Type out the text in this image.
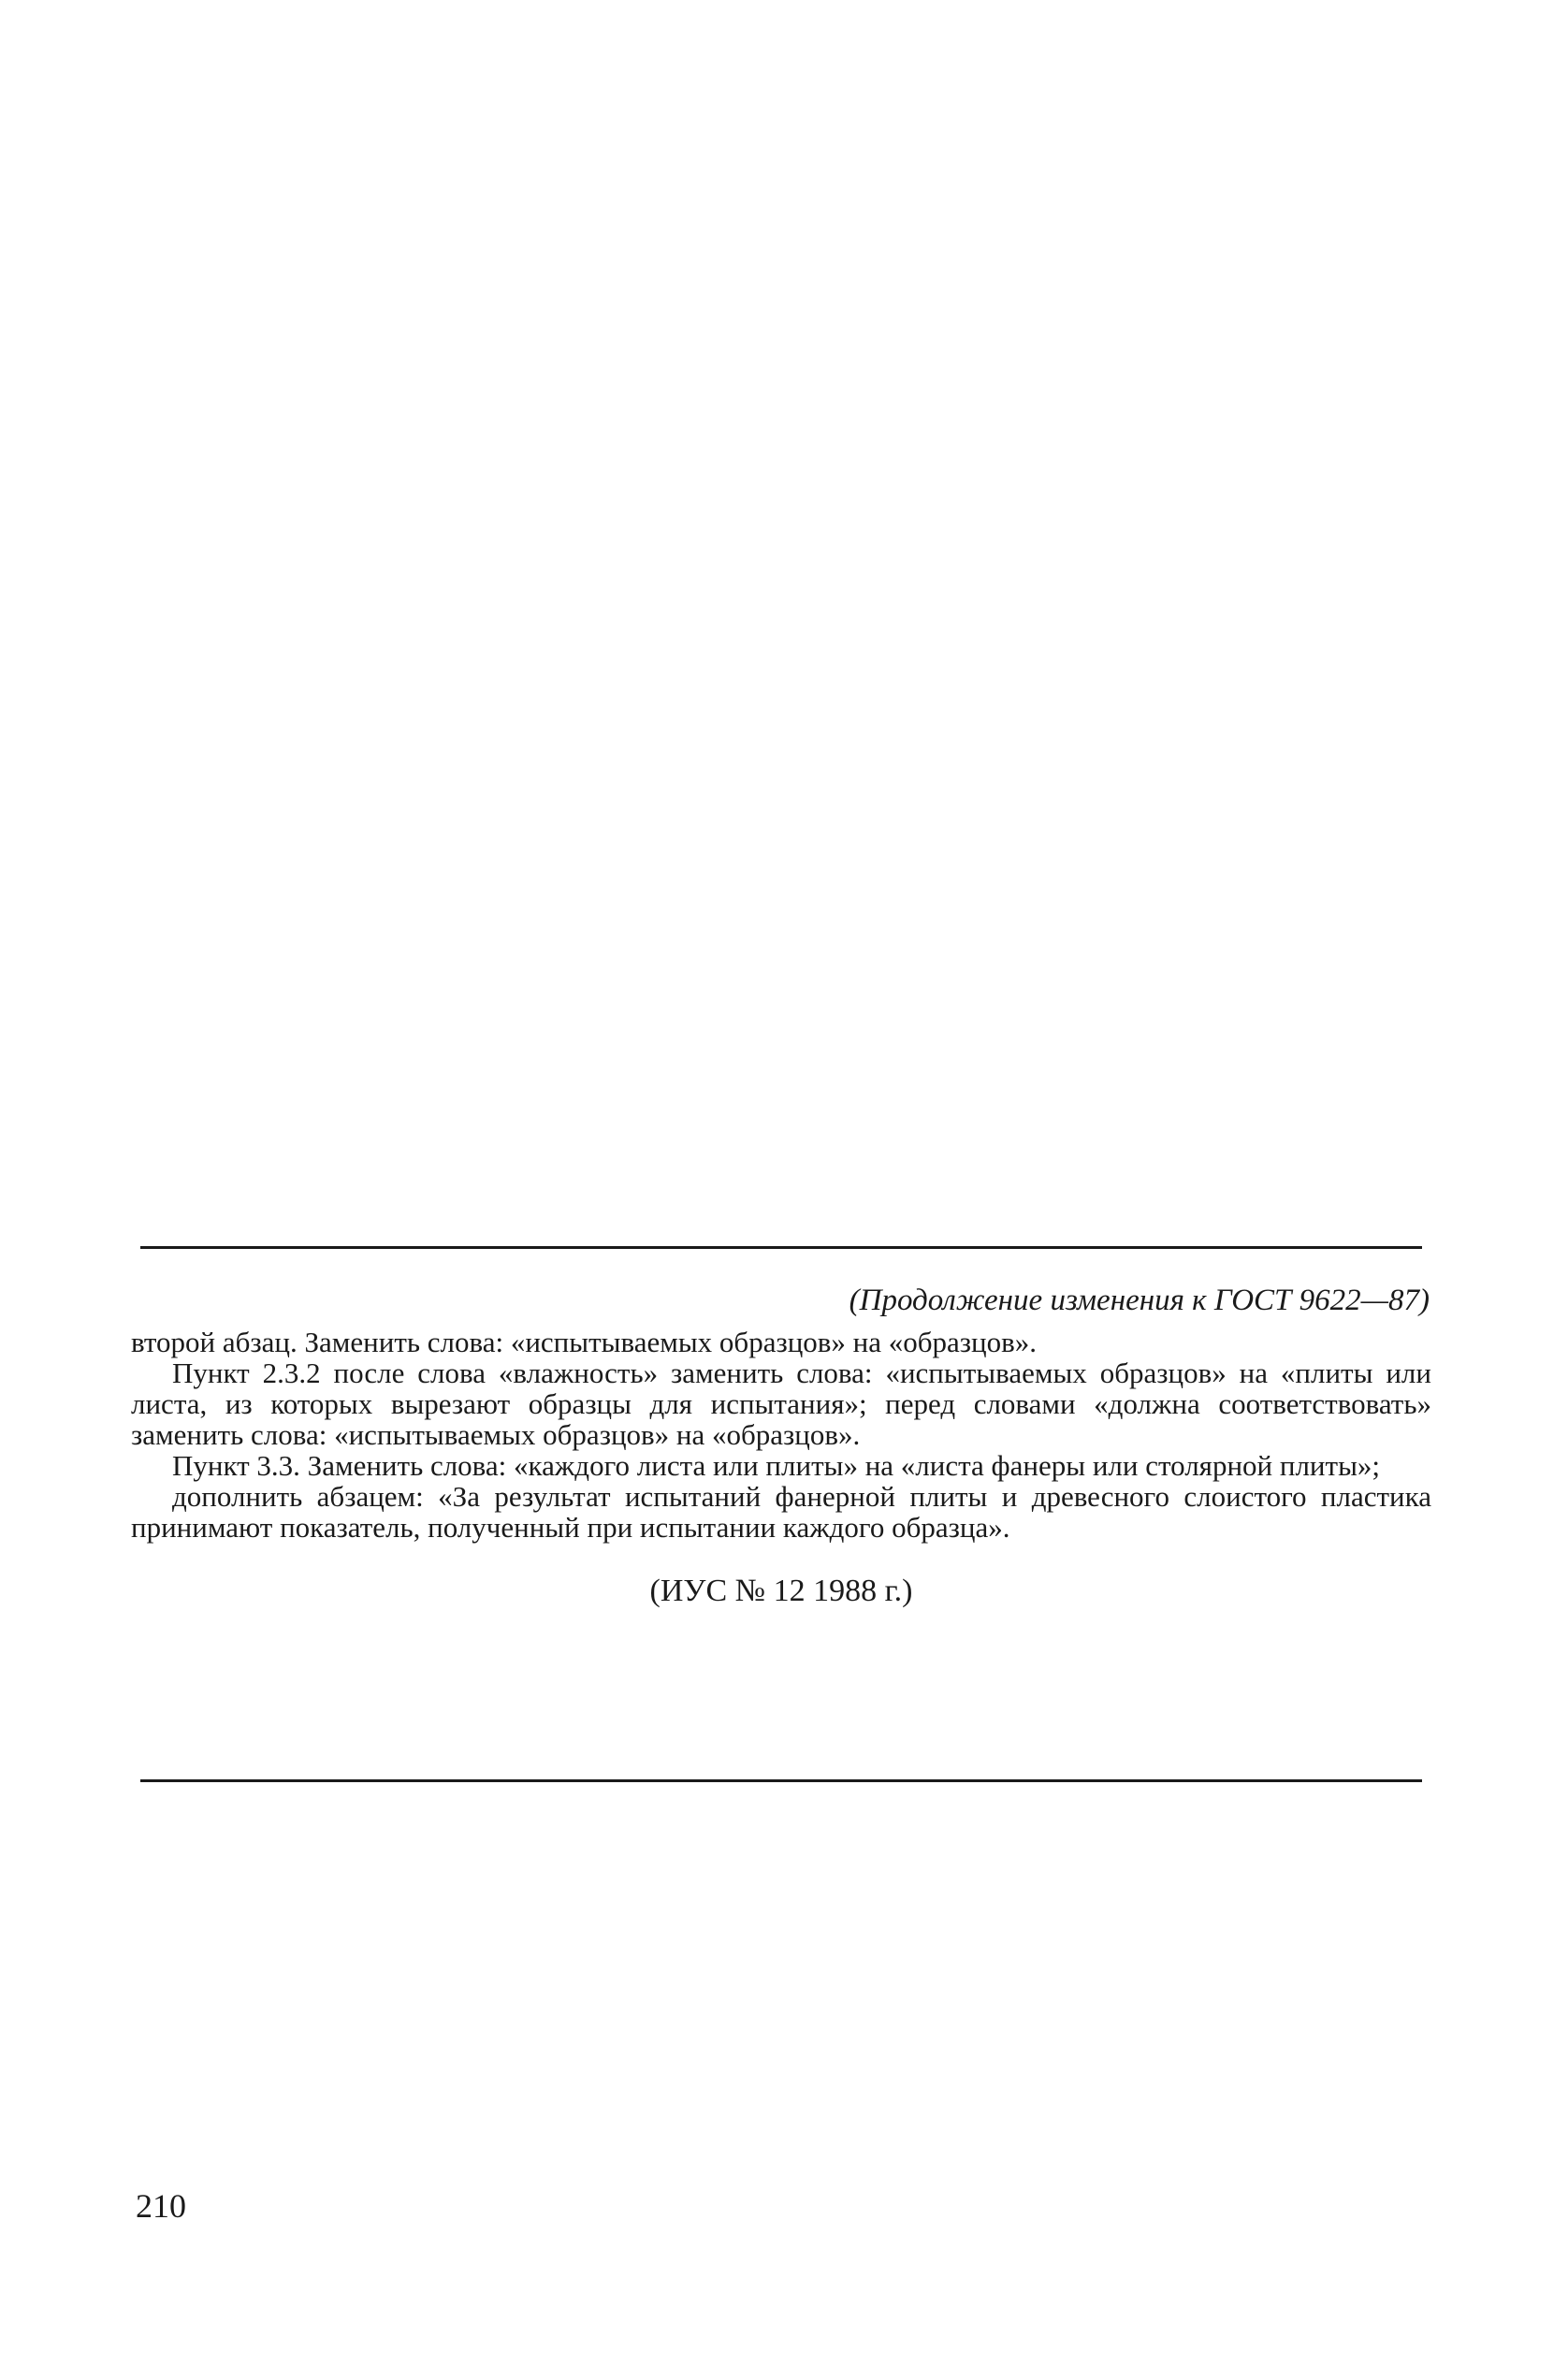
(Продолжение изменения к ГОСТ 9622—87)

второй абзац. Заменить слова: «испытываемых образцов» на «образцов».

Пункт 2.3.2 после слова «влажность» заменить слова: «испытываемых образцов» на «плиты или листа, из которых вырезают образцы для испытания»; перед словами «должна соответствовать» заменить слова: «испытываемых образцов» на «образцов».

Пункт 3.3. Заменить слова: «каждого листа или плиты» на «листа фанеры или столярной плиты»;

дополнить абзацем: «За результат испытаний фанерной плиты и древесного слоистого пластика принимают показатель, полученный при испытании каждого образца».

(ИУС № 12 1988 г.)
210
